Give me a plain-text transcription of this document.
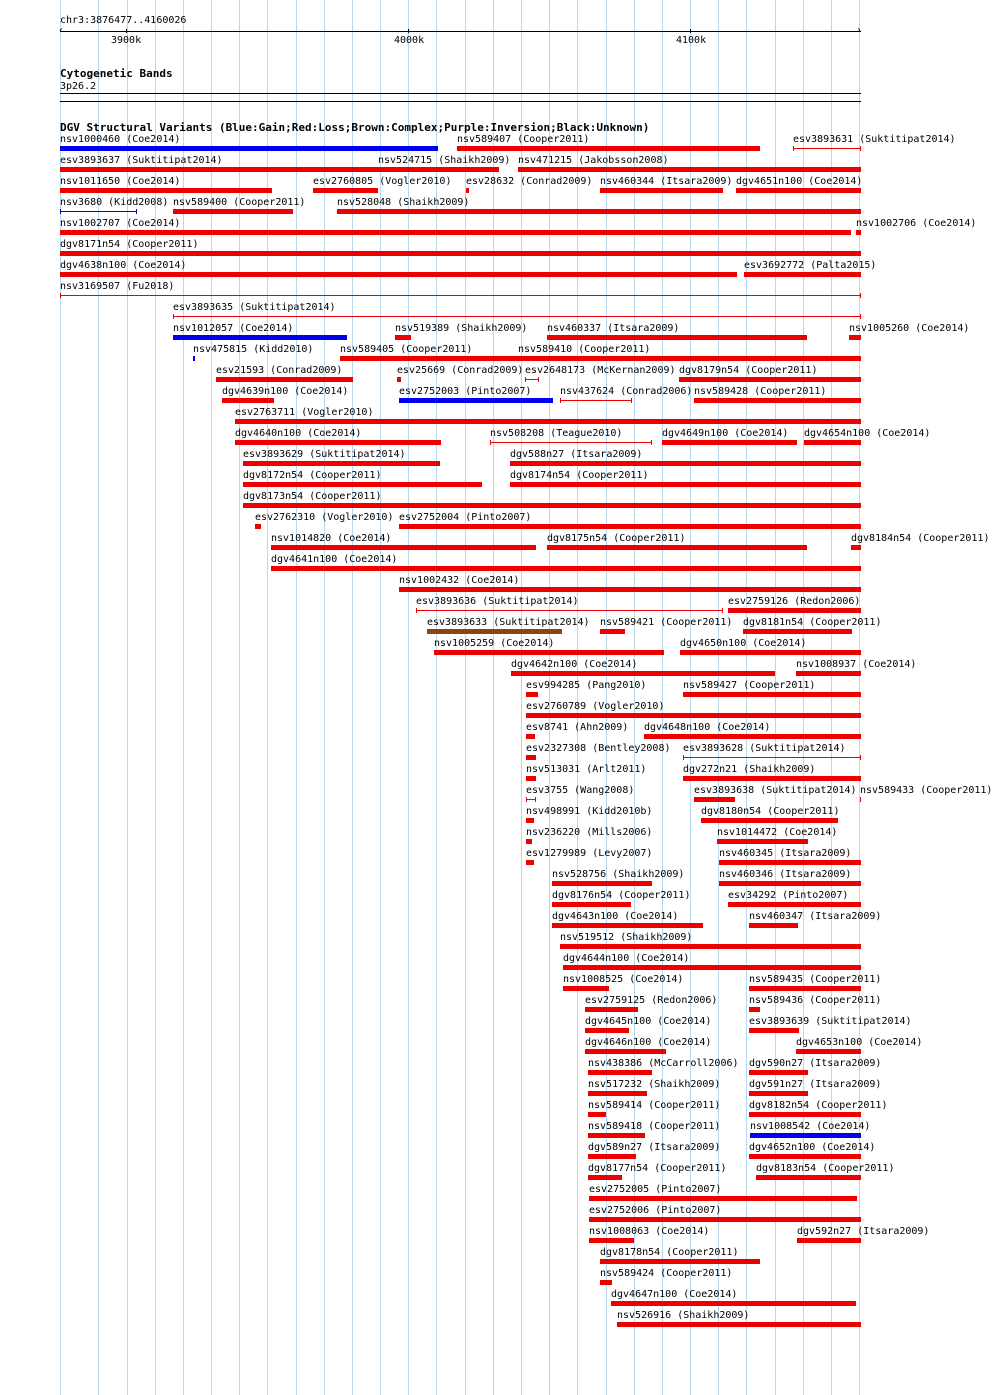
chr3:3876477..4160026
3900k	4000k	4100k
Cytogenetic Bands
3p26.2
DGV Structural Variants (Blue:Gain;Red:Loss;Brown:Complex;Purple:Inversion;Black:Unknown)
‹	›
nsv1000460 (Coe2014)	nsv589407 (Cooper2011)	esv3893631 (Suktitipat2014)
esv3893637 (Suktitipat2014)	nsv524715 (Shaikh2009) nsv471215 (Jakobsson2008)
nsv1011650 (Coe2014)	esv2760805 (Vogler2010) esv28632 (Conrad2009) nsv460344 (Itsara2009) dgv4651n100 (Coe2014)
nsv3680 (Kidd2008) nsv589400 (Cooper2011)	nsv528048 (Shaikh2009)
nsv1002707 (Coe2014)	nsv1002706 (Coe2014)
dgv8171n54 (Cooper2011)
dgv4638n100 (Coe2014)	esv3692772 (Palta2015)
nsv3169507 (Fu2018)
esv3893635 (Suktitipat2014)
nsv1012057 (Coe2014)	nsv519389 (Shaikh2009) nsv460337 (Itsara2009)	nsv1005260 (Coe2014)
nsv475815 (Kidd2010)	nsv589405 (Cooper2011)	nsv589410 (Cooper2011)
esv21593 (Conrad2009)	esv25669 (Conrad2009) esv2648173 (McKernan2009) dgv8179n54 (Cooper2011)
dgv4639n100 (Coe2014)	esv2752003 (Pinto2007)	nsv437624 (Conrad2006) nsv589428 (Cooper2011)
esv2763711 (Vogler2010)
dgv4640n100 (Coe2014)	nsv508208 (Teague2010)	dgv4649n100 (Coe2014) dgv4654n100 (Coe2014)
esv3893629 (Suktitipat2014)	dgv588n27 (Itsara2009)
dgv8172n54 (Cooper2011)	dgv8174n54 (Cooper2011)
dgv8173n54 (Cooper2011)
esv2762310 (Vogler2010) esv2752004 (Pinto2007)
nsv1014820 (Coe2014)	dgv8175n54 (Cooper2011)	dgv8184n54 (Cooper2011)
dgv4641n100 (Coe2014)
nsv1002432 (Coe2014)
esv3893636 (Suktitipat2014)	esv2759126 (Redon2006)
esv3893633 (Suktitipat2014) nsv589421 (Cooper2011) dgv8181n54 (Cooper2011)
nsv1005259 (Coe2014)	dgv4650n100 (Coe2014)
dgv4642n100 (Coe2014)	nsv1008937 (Coe2014)
esv994285 (Pang2010)	nsv589427 (Cooper2011)
esv2760789 (Vogler2010)
esv8741 (Ahn2009) dgv4648n100 (Coe2014)
esv2327308 (Bentley2008) esv3893628 (Suktitipat2014)
nsv513031 (Arlt2011)	dgv272n21 (Shaikh2009)
esv3755 (Wang2008)	esv3893638 (Suktitipat2014) nsv589433 (Cooper2011)
nsv498991 (Kidd2010b)	dgv8180n54 (Cooper2011)
nsv236220 (Mills2006)	nsv1014472 (Coe2014)
esv1279989 (Levy2007)	nsv460345 (Itsara2009)
nsv528756 (Shaikh2009)	nsv460346 (Itsara2009)
dgv8176n54 (Cooper2011)	esv34292 (Pinto2007)
dgv4643n100 (Coe2014)	nsv460347 (Itsara2009)
nsv519512 (Shaikh2009)
dgv4644n100 (Coe2014)
nsv1008525 (Coe2014)	nsv589435 (Cooper2011)
esv2759125 (Redon2006)	nsv589436 (Cooper2011)
dgv4645n100 (Coe2014)	esv3893639 (Suktitipat2014)
dgv4646n100 (Coe2014)	dgv4653n100 (Coe2014)
nsv438386 (McCarroll2006) dgv590n27 (Itsara2009)
nsv517232 (Shaikh2009)	dgv591n27 (Itsara2009)
nsv589414 (Cooper2011)	dgv8182n54 (Cooper2011)
nsv589418 (Cooper2011)	nsv1008542 (Coe2014)
dgv589n27 (Itsara2009)	dgv4652n100 (Coe2014)
dgv8177n54 (Cooper2011)	dgv8183n54 (Cooper2011)
esv2752005 (Pinto2007)
esv2752006 (Pinto2007)
nsv1008063 (Coe2014)	dgv592n27 (Itsara2009)
dgv8178n54 (Cooper2011)
nsv589424 (Cooper2011)
dgv4647n100 (Coe2014)
nsv526916 (Shaikh2009)
